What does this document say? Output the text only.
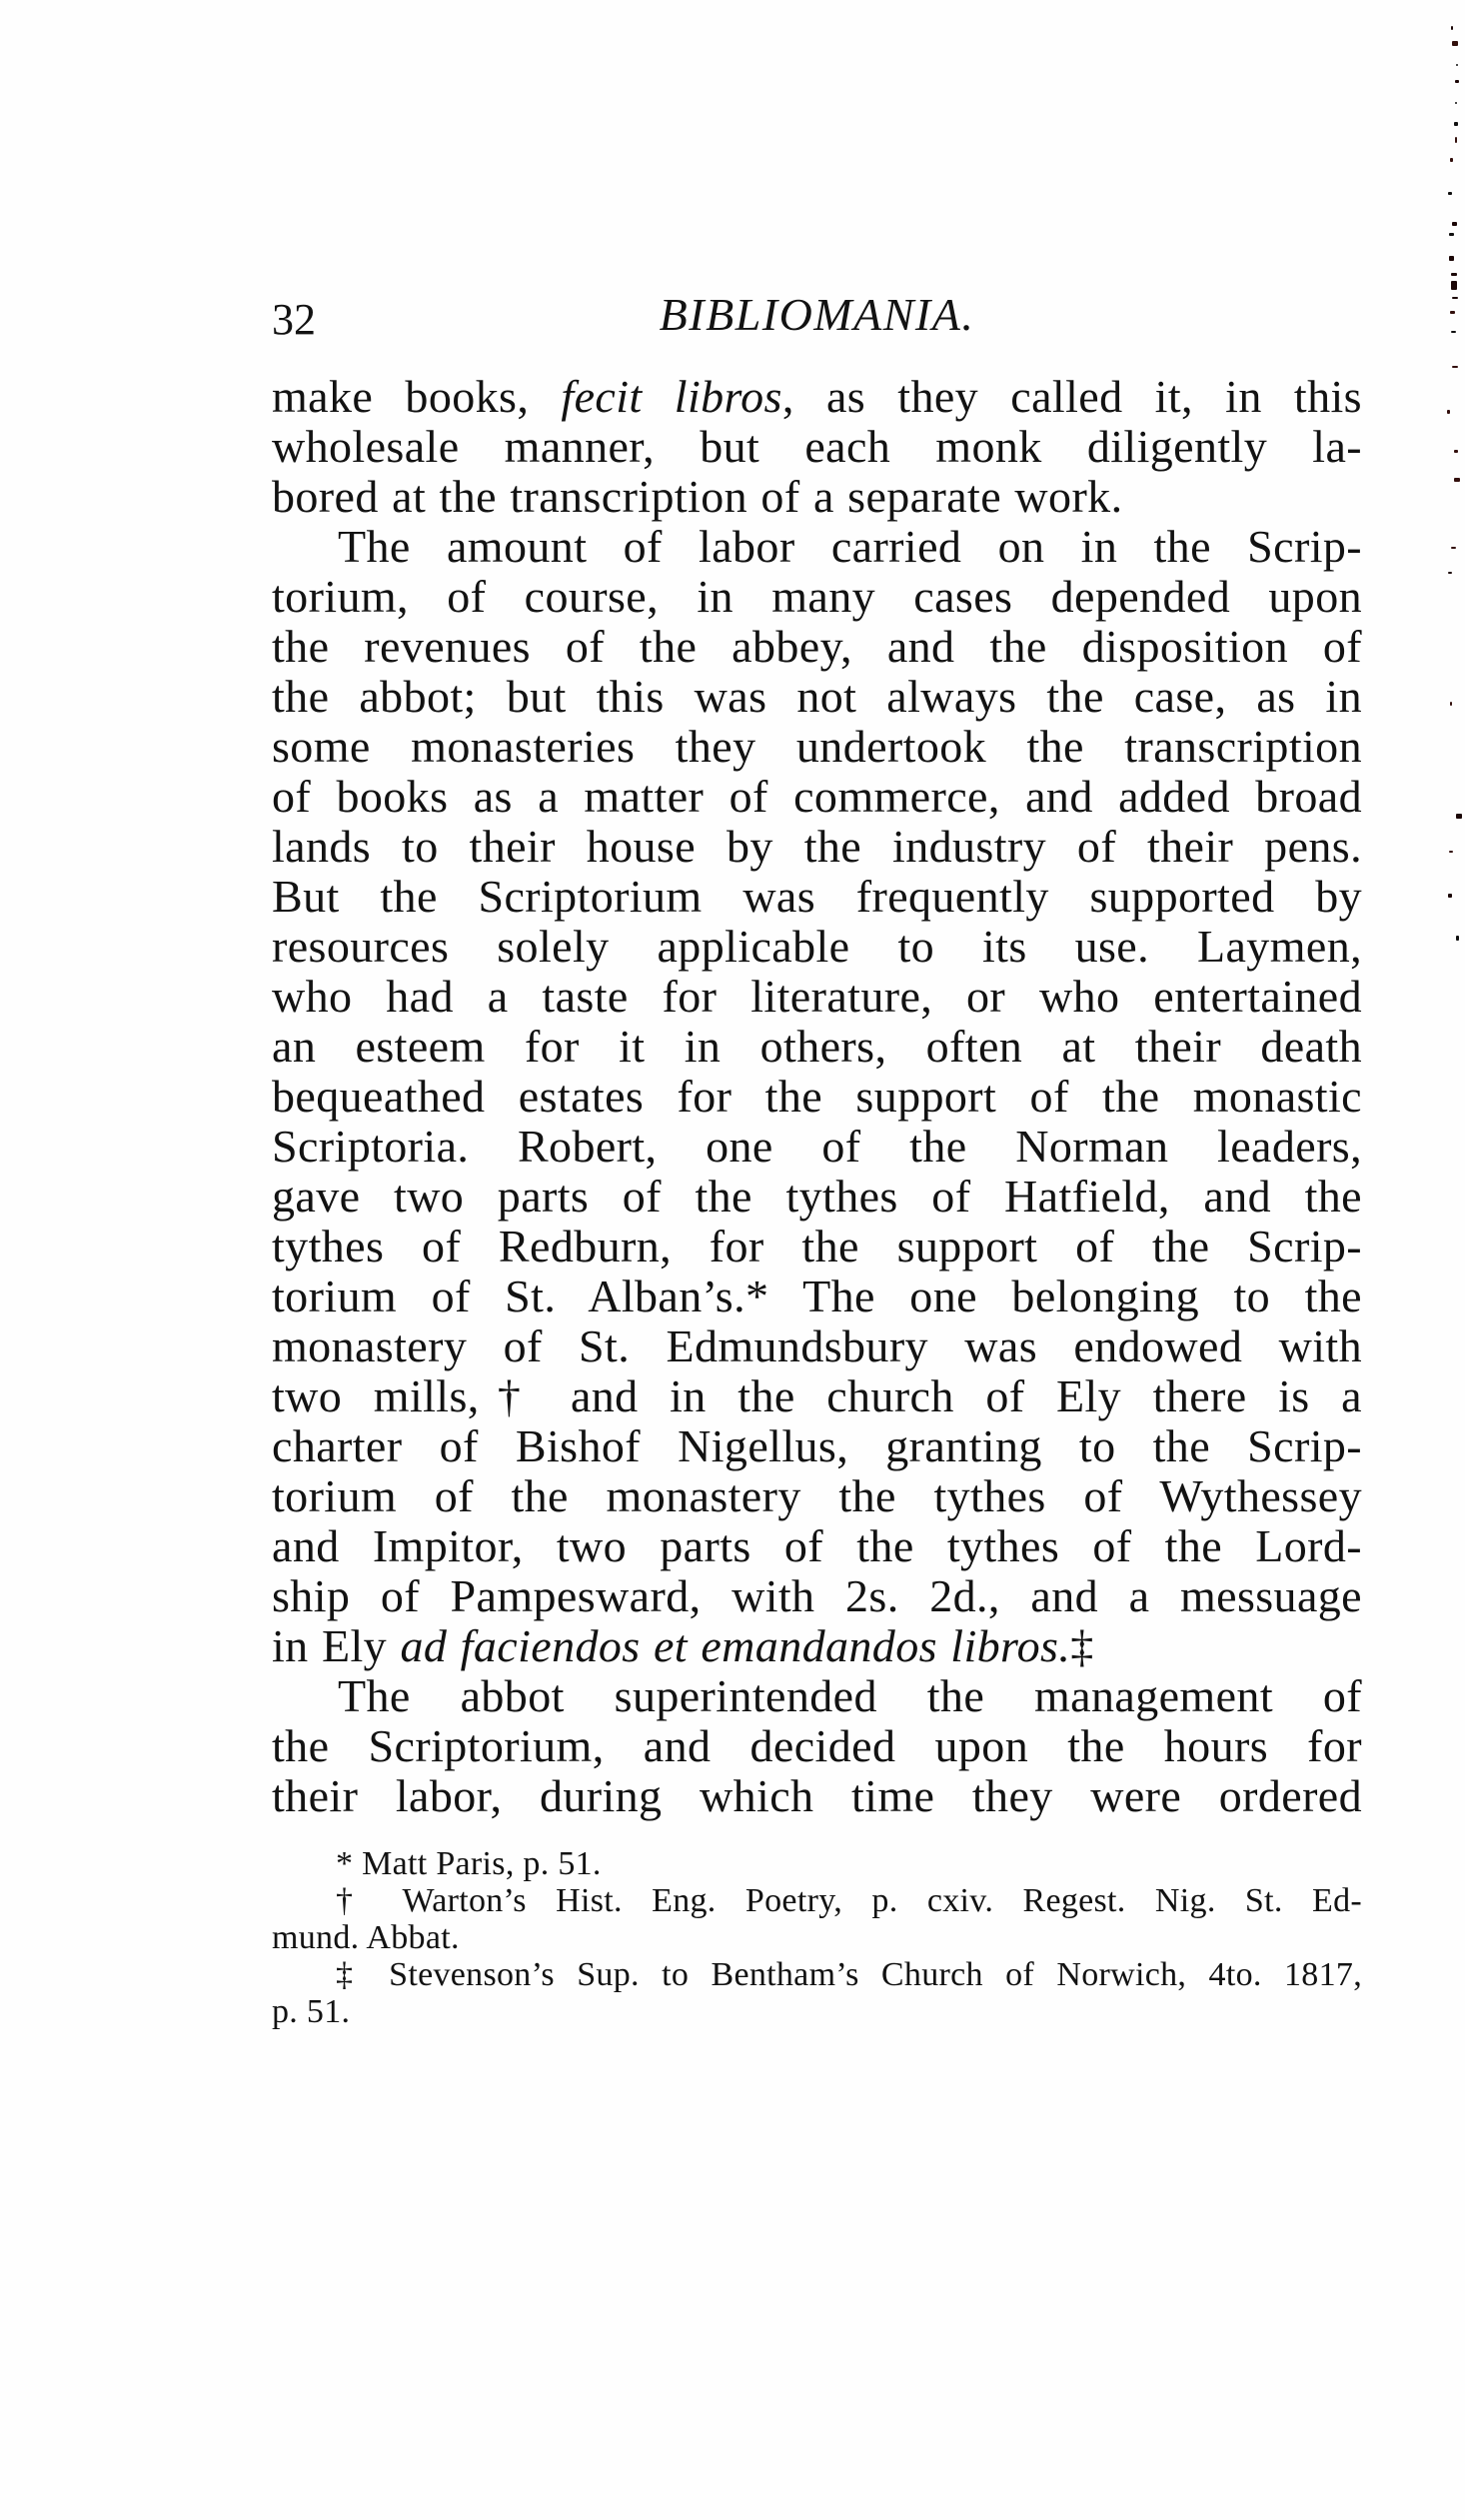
32	BIBLIOMANIA.
make books, fecit libros, as they called it, in this
wholesale manner, but each monk diligently la-
bored at the transcription of a separate work.
The amount of labor carried on in the Scrip-
torium, of course, in many cases depended upon
the revenues of the abbey, and the disposition of
the abbot; but this was not always the case, as in
some monasteries they undertook the transcription
of books as a matter of commerce, and added broad
lands to their house by the industry of their pens.
But the Scriptorium was frequently supported by
resources solely applicable to its use. Laymen,
who had a taste for literature, or who entertained
an esteem for it in others, often at their death
bequeathed estates for the support of the monastic
Scriptoria. Robert, one of the Norman leaders,
gave two parts of the tythes of Hatfield, and the
tythes of Redburn, for the support of the Scrip-
torium of St. Alban’s.* The one belonging to the
monastery of St. Edmundsbury was endowed with
two mills,† and in the church of Ely there is a
charter of Bishof Nigellus, granting to the Scrip-
torium of the monastery the tythes of Wythessey
and Impitor, two parts of the tythes of the Lord-
ship of Pampesward, with 2s. 2d., and a messuage
in Ely ad faciendos et emandandos libros.‡
The abbot superintended the management of
the Scriptorium, and decided upon the hours for
their labor, during which time they were ordered
* Matt Paris, p. 51.
† Warton’s Hist. Eng. Poetry, p. cxiv. Regest. Nig. St. Ed-
mund. Abbat.
‡ Stevenson’s Sup. to Bentham’s Church of Norwich, 4to. 1817,
p. 51.
